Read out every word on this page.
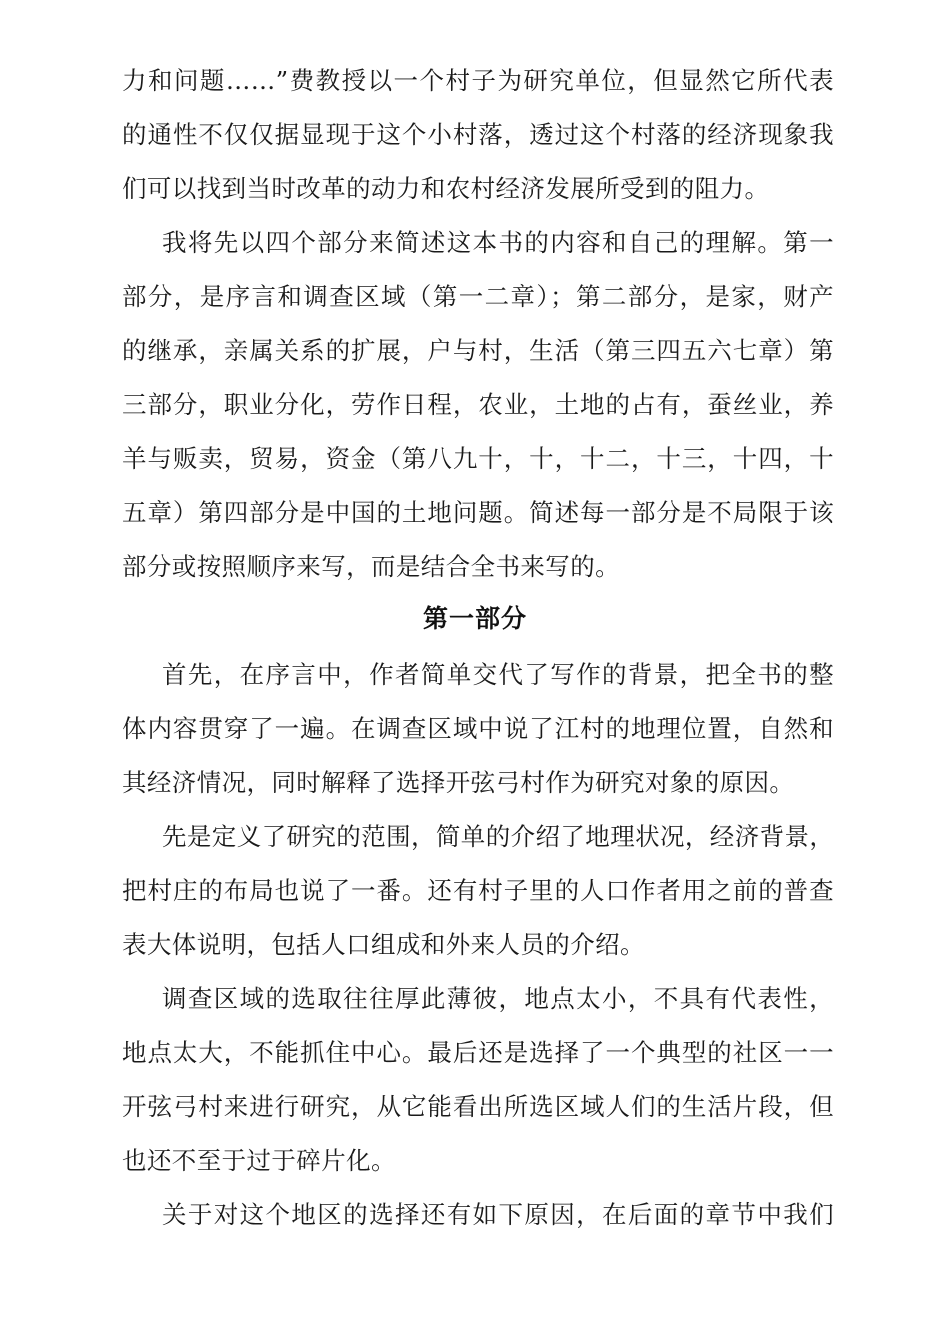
力和问题……”费教授以一个村子为研究单位，但显然它所代表
的通性不仅仅据显现于这个小村落，透过这个村落的经济现象我
们可以找到当时改革的动力和农村经济发展所受到的阻力。
我将先以四个部分来简述这本书的内容和自己的理解。第一
部分，是序言和调查区域（第一二章）；第二部分，是家，财产
的继承，亲属关系的扩展，户与村，生活（第三四五六七章）第
三部分，职业分化，劳作日程，农业，土地的占有，蚕丝业，养
羊与贩卖，贸易，资金（第八九十，十，十二，十三，十四，十
五章）第四部分是中国的土地问题。简述每一部分是不局限于该
部分或按照顺序来写，而是结合全书来写的。
第一部分
首先，在序言中，作者简单交代了写作的背景，把全书的整
体内容贯穿了一遍。在调查区域中说了江村的地理位置，自然和
其经济情况，同时解释了选择开弦弓村作为研究对象的原因。
先是定义了研究的范围，简单的介绍了地理状况，经济背景，
把村庄的布局也说了一番。还有村子里的人口作者用之前的普查
表大体说明，包括人口组成和外来人员的介绍。
调查区域的选取往往厚此薄彼，地点太小，不具有代表性，
地点太大，不能抓住中心。最后还是选择了一个典型的社区一一
开弦弓村来进行研究，从它能看出所选区域人们的生活片段，但
也还不至于过于碎片化。
关于对这个地区的选择还有如下原因，在后面的章节中我们
